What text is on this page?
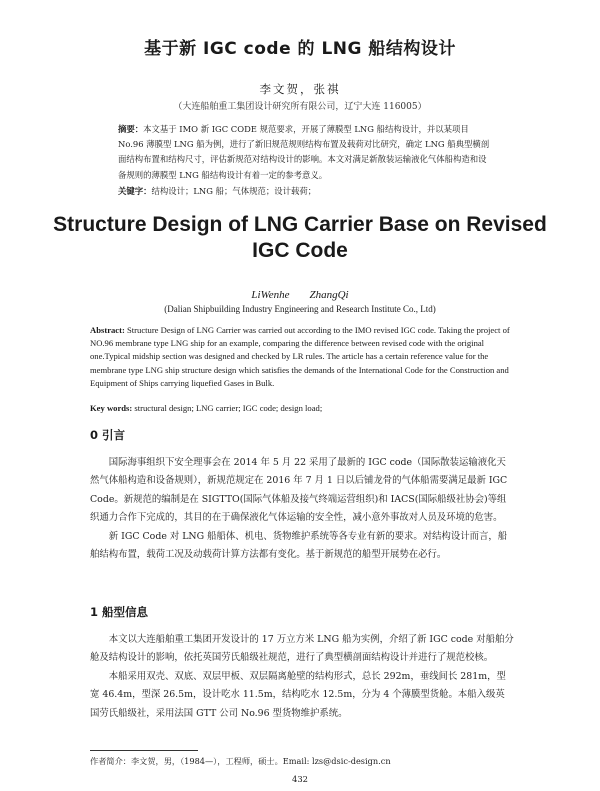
基于新 IGC code 的 LNG 船结构设计
李文贺，张祺
（大连船舶重工集团设计研究所有限公司，辽宁大连 116005）
摘要：本文基于 IMO 新 IGC CODE 规范要求，开展了薄膜型 LNG 船结构设计，并以某项目 No.96 薄膜型 LNG 船为例，进行了新旧规范规则结构布置及载荷对比研究，确定 LNG 船典型横剖面结构布置和结构尺寸，评估新规范对结构设计的影响。本文对满足新散装运输液化气体船构造和设备规则的薄膜型 LNG 船结构设计有着一定的参考意义。
关键字：结构设计；LNG 船；气体规范；设计载荷；
Structure Design of LNG Carrier Base on Revised
IGC Code
LiWenhe ZhangQi
(Dalian Shipbuilding Industry Engineering and Research Institute Co., Ltd)
Abstract: Structure Design of LNG Carrier was carried out according to the IMO revised IGC code. Taking the project of NO.96 membrane type LNG ship for an example, comparing the difference between revised code with the original one.Typical midship section was designed and checked by LR rules. The article has a certain reference value for the membrane type LNG ship structure design which satisfies the demands of the International Code for the Construction and Equipment of Ships carrying liquefied Gases in Bulk.
Key words: structural design; LNG carrier; IGC code; design load;
0 引言

国际海事组织下安全理事会在 2014 年 5 月 22 采用了最新的 IGC code（国际散装运输液化天然气体船构造和设备规则），新规范规定在 2016 年 7 月 1 日以后铺龙骨的气体船需要满足最新 IGC Code。新规范的编制是在 SIGTTO(国际气体船及接气终端运营组织)和 IACS(国际船级社协会)等组织通力合作下完成的，其目的在于确保液化气体运输的安全性，减小意外事故对人员及环境的危害。

新 IGC Code 对 LNG 船船体、机电、货物维护系统等各专业有新的要求。对结构设计而言，船舶结构布置，载荷工况及动载荷计算方法都有变化。基于新规范的船型开展势在必行。

1 船型信息

本文以大连船舶重工集团开发设计的 17 万立方米 LNG 船为实例，介绍了新 IGC code 对船舶分舱及结构设计的影响，依托英国劳氏船级社规范，进行了典型横剖面结构设计并进行了规范校核。

本船采用双壳、双底、双层甲板、双层隔离舱壁的结构形式，总长 292m，垂线间长 281m，型宽 46.4m，型深 26.5m，设计吃水 11.5m，结构吃水 12.5m，分为 4 个薄膜型货舱。本船入级英国劳氏船级社，采用法国 GTT 公司 No.96 型货物维护系统。

作者简介：李文贺，男，（1984—），工程师，硕士。Email: lzs@dsic-design.cn
432
